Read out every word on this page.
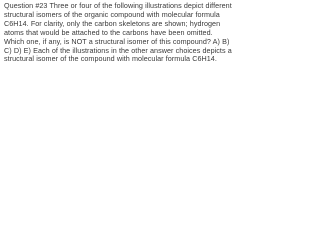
Question #23 Three or four of the following illustrations depict different structural isomers of the organic compound with molecular formula C6H14. For clarity, only the carbon skeletons are shown; hydrogen atoms that would be attached to the carbons have been omitted. Which one, if any, is NOT a structural isomer of this compound? A) B) C) D) E) Each of the illustrations in the other answer choices depicts a structural isomer of the compound with molecular formula C6H14.
